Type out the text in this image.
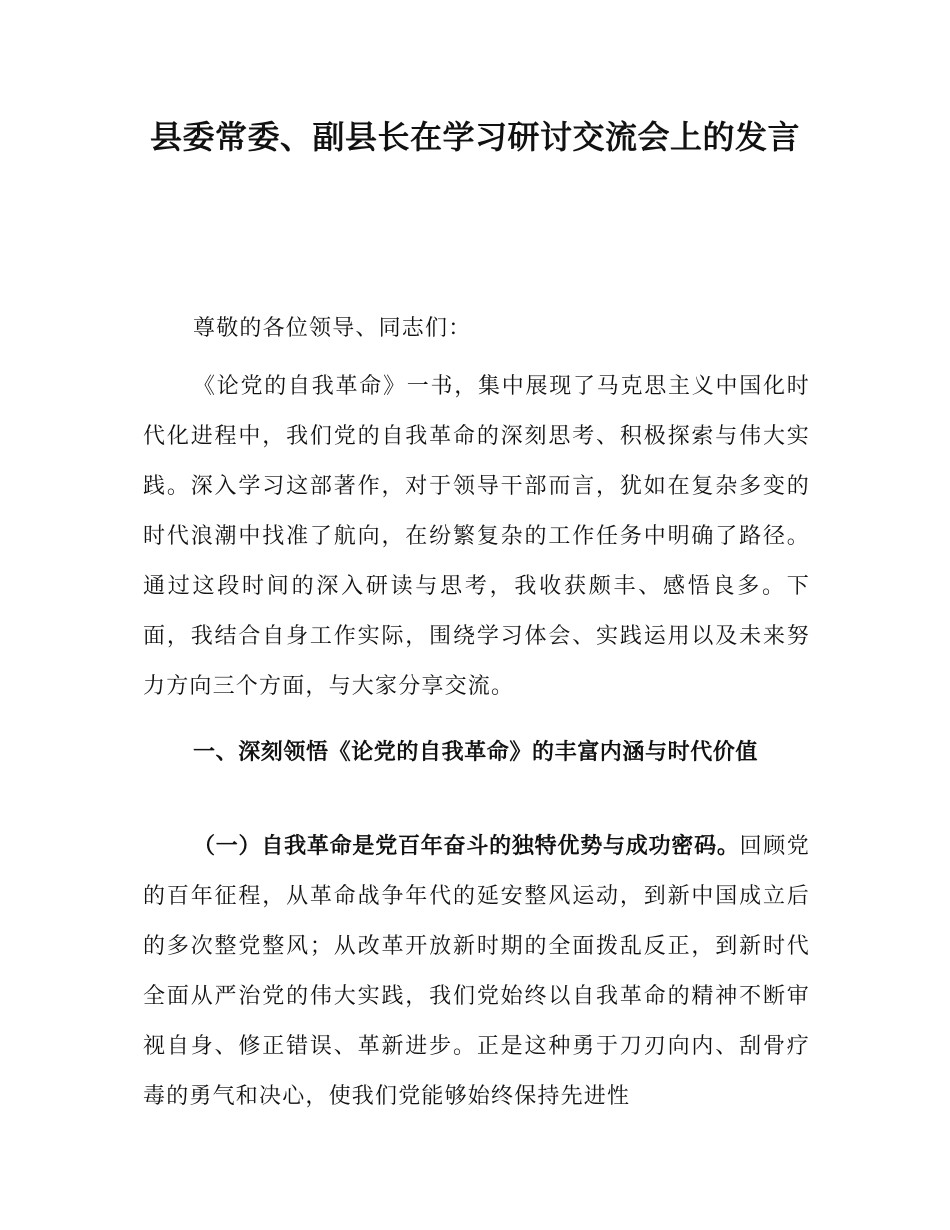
县委常委、副县长在学习研讨交流会上的发言

尊敬的各位领导、同志们：

《论党的自我革命》一书，集中展现了马克思主义中国化时代化进程中，我们党的自我革命的深刻思考、积极探索与伟大实践。深入学习这部著作，对于领导干部而言，犹如在复杂多变的时代浪潮中找准了航向，在纷繁复杂的工作任务中明确了路径。通过这段时间的深入研读与思考，我收获颇丰、感悟良多。下面，我结合自身工作实际，围绕学习体会、实践运用以及未来努力方向三个方面，与大家分享交流。

一、深刻领悟《论党的自我革命》的丰富内涵与时代价值

（一）自我革命是党百年奋斗的独特优势与成功密码。回顾党的百年征程，从革命战争年代的延安整风运动，到新中国成立后的多次整党整风；从改革开放新时期的全面拨乱反正，到新时代全面从严治党的伟大实践，我们党始终以自我革命的精神不断审视自身、修正错误、革新进步。正是这种勇于刀刃向内、刮骨疗毒的勇气和决心，使我们党能够始终保持先进性
